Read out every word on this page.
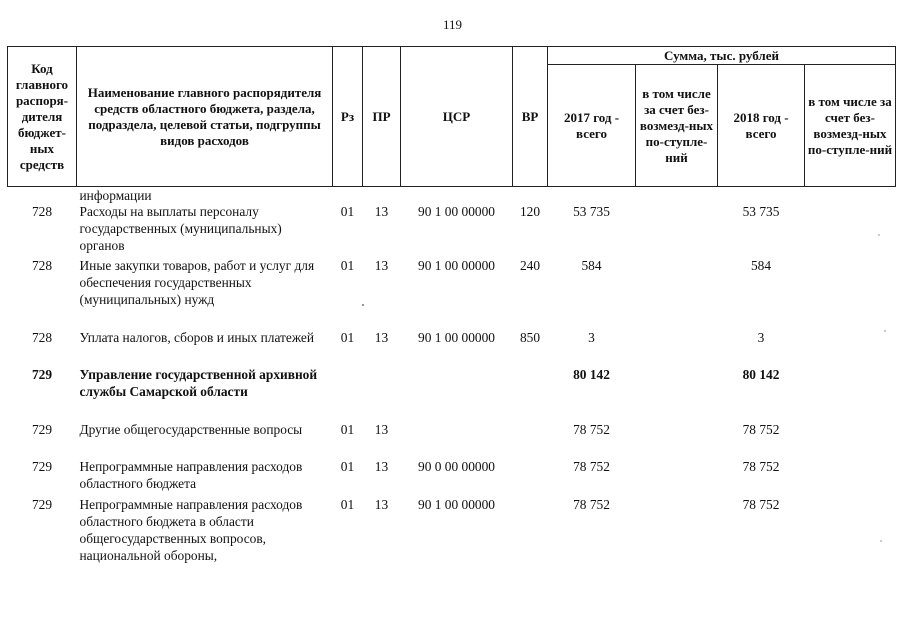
119
Код главного распоря-дителя бюджет-ных средств	Наименование главного распорядителя средств областного бюджета, раздела, подраздела, целевой статьи, подгруппы видов расходов	Рз	ПР	ЦСР	ВР	Сумма, тыс. рублей			
						2017 год - всего	в том числе за счет без-возмезд-ных по-ступле-ний	2018 год - всего	в том числе за счет без-возмезд-ных по-ступле-ний
	информации								
728	Расходы на выплаты персоналу государственных (муниципальных) органов	01	13	90 1 00 00000	120	53 735		53 735	
728	Иные закупки товаров, работ и услуг для обеспечения государственных (муниципальных) нужд	01	13	90 1 00 00000	240	584		584	
728	Уплата налогов, сборов и иных платежей	01	13	90 1 00 00000	850	3		3	
729	Управление государственной архивной службы Самарской области					80 142		80 142	
729	Другие общегосударственные вопросы	01	13			78 752		78 752	
729	Непрограммные направления расходов областного бюджета	01	13	90 0 00 00000		78 752		78 752	
729	Непрограммные направления расходов областного бюджета в области общегосударственных вопросов, национальной обороны,	01	13	90 1 00 00000		78 752		78 752	
